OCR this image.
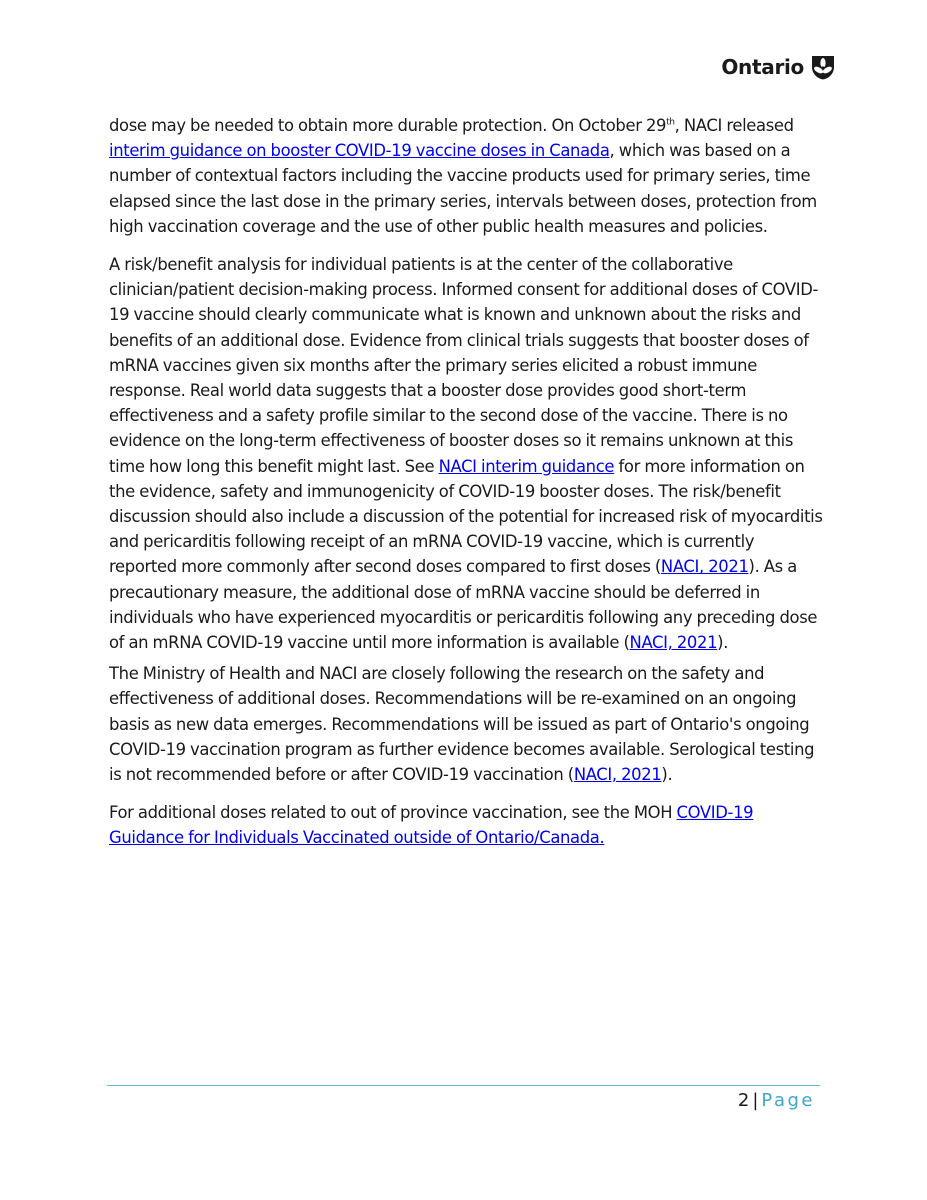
Ontario

dose may be needed to obtain more durable protection. On October 29th, NACI released interim guidance on booster COVID-19 vaccine doses in Canada, which was based on a number of contextual factors including the vaccine products used for primary series, time elapsed since the last dose in the primary series, intervals between doses, protection from high vaccination coverage and the use of other public health measures and policies.

A risk/benefit analysis for individual patients is at the center of the collaborative clinician/patient decision-making process. Informed consent for additional doses of COVID-19 vaccine should clearly communicate what is known and unknown about the risks and benefits of an additional dose. Evidence from clinical trials suggests that booster doses of mRNA vaccines given six months after the primary series elicited a robust immune response. Real world data suggests that a booster dose provides good short-term effectiveness and a safety profile similar to the second dose of the vaccine. There is no evidence on the long-term effectiveness of booster doses so it remains unknown at this time how long this benefit might last. See NACI interim guidance for more information on the evidence, safety and immunogenicity of COVID-19 booster doses. The risk/benefit discussion should also include a discussion of the potential for increased risk of myocarditis and pericarditis following receipt of an mRNA COVID-19 vaccine, which is currently reported more commonly after second doses compared to first doses (NACI, 2021). As a precautionary measure, the additional dose of mRNA vaccine should be deferred in individuals who have experienced myocarditis or pericarditis following any preceding dose of an mRNA COVID-19 vaccine until more information is available (NACI, 2021).

The Ministry of Health and NACI are closely following the research on the safety and effectiveness of additional doses. Recommendations will be re-examined on an ongoing basis as new data emerges. Recommendations will be issued as part of Ontario's ongoing COVID-19 vaccination program as further evidence becomes available. Serological testing is not recommended before or after COVID-19 vaccination (NACI, 2021).

For additional doses related to out of province vaccination, see the MOH COVID-19 Guidance for Individuals Vaccinated outside of Ontario/Canada.

2 | Page
